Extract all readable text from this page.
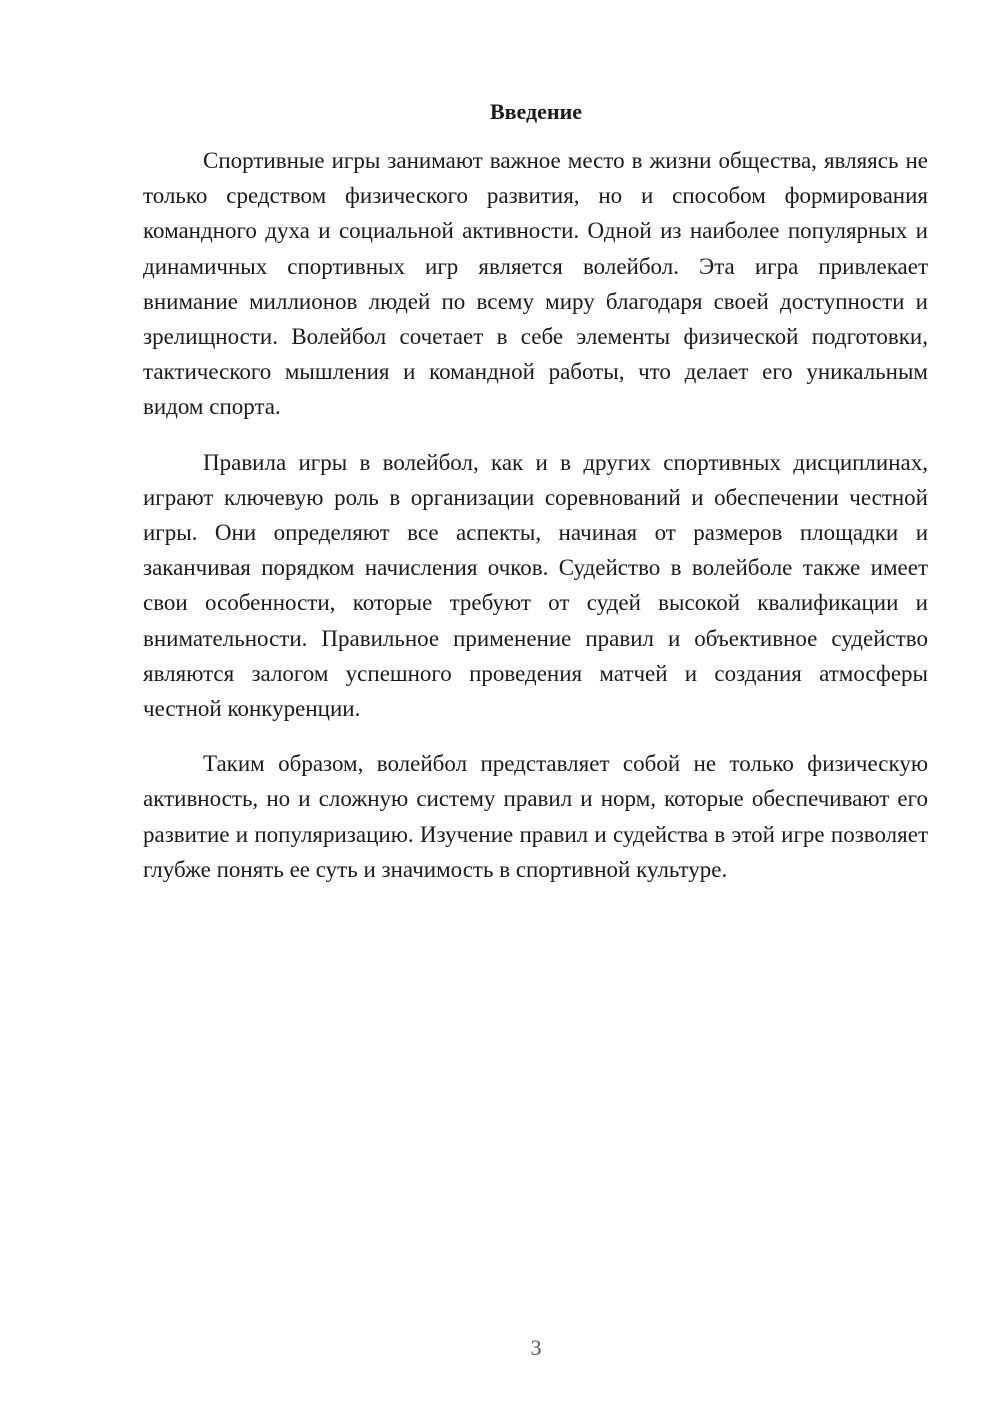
Введение

Спортивные игры занимают важное место в жизни общества, являясь не только средством физического развития, но и способом формирования командного духа и социальной активности. Одной из наиболее популярных и динамичных спортивных игр является волейбол. Эта игра привлекает внимание миллионов людей по всему миру благодаря своей доступности и зрелищности. Волейбол сочетает в себе элементы физической подготовки, тактического мышления и командной работы, что делает его уникальным видом спорта.

Правила игры в волейбол, как и в других спортивных дисциплинах, играют ключевую роль в организации соревнований и обеспечении честной игры. Они определяют все аспекты, начиная от размеров площадки и заканчивая порядком начисления очков. Судейство в волейболе также имеет свои особенности, которые требуют от судей высокой квалификации и внимательности. Правильное применение правил и объективное судейство являются залогом успешного проведения матчей и создания атмосферы честной конкуренции.

Таким образом, волейбол представляет собой не только физическую активность, но и сложную систему правил и норм, которые обеспечивают его развитие и популяризацию. Изучение правил и судейства в этой игре позволяет глубже понять ее суть и значимость в спортивной культуре.

3
